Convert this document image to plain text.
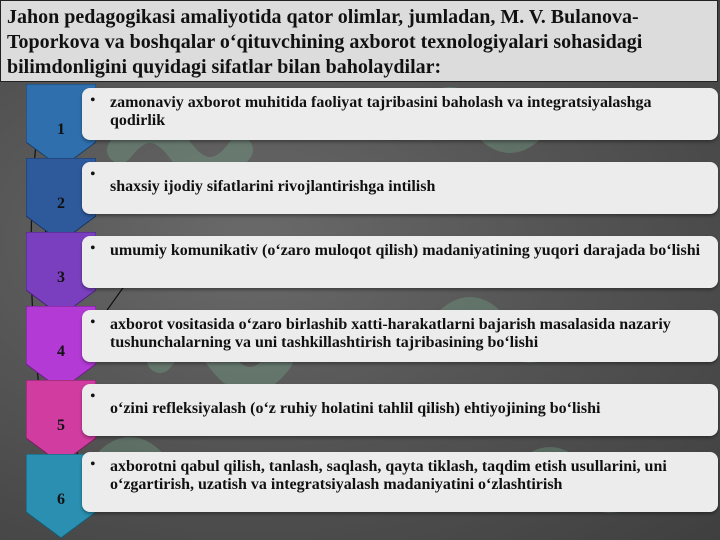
Jahon pedagogikasi amaliyotida qator olimlar, jumladan, M. V. Bulanova-Toporkova va boshqalar o‘qituvchining axborot texnologiyalari sohasidagi bilimdonligini quyidagi sifatlar bilan baholaydilar:

1
• zamonaviy axborot muhitida faoliyat tajribasini baholash va integratsiyalashga qodirlik

2
•

shaxsiy ijodiy sifatlarini rivojlantirishga intilish

3
• umumiy komunikativ (o‘zaro muloqot qilish) madaniyatining yuqori darajada bo‘lishi

4
• axborot vositasida o‘zaro birlashib xatti-harakatlarni bajarish masalasida nazariy tushunchalarning va uni tashkillashtirish tajribasining bo‘lishi

5
•

o‘zini refleksiyalash (o‘z ruhiy holatini tahlil qilish) ehtiyojining bo‘lishi

6
• axborotni qabul qilish, tanlash, saqlash, qayta tiklash, taqdim etish usullarini, uni o‘zgartirish, uzatish va integratsiyalash madaniyatini o‘zlashtirish
